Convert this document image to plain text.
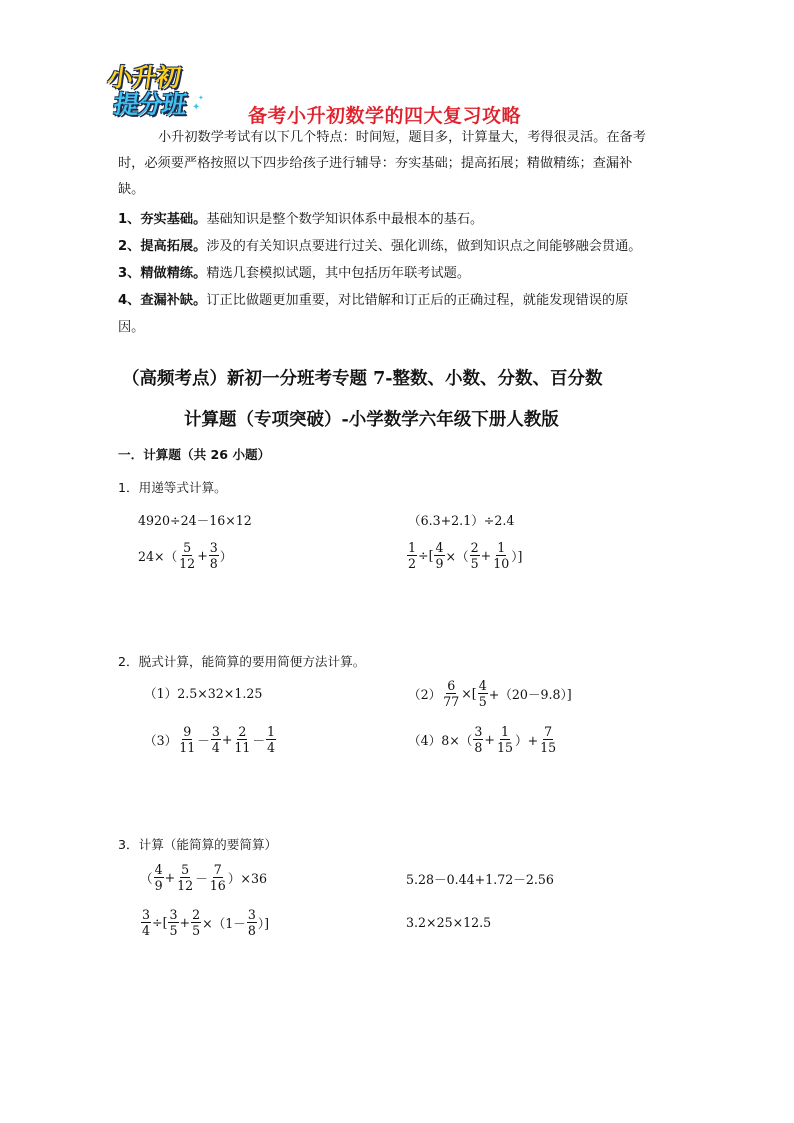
小升初
提分班 ✦
✦
备考小升初数学的四大复习攻略
小升初数学考试有以下几个特点：时间短，题目多，计算量大，考得很灵活。在备考
时，必须要严格按照以下四步给孩子进行辅导：夯实基础；提高拓展；精做精练；查漏补
缺。
1、夯实基础。基础知识是整个数学知识体系中最根本的基石。
2、提高拓展。涉及的有关知识点要进行过关、强化训练，做到知识点之间能够融会贯通。
3、精做精练。精选几套模拟试题，其中包括历年联考试题。
4、查漏补缺。订正比做题更加重要，对比错解和订正后的正确过程，就能发现错误的原
因。
（高频考点）新初一分班考专题 7-整数、小数、分数、百分数
计算题（专项突破）-小学数学六年级下册人教版
一．计算题（共 26 小题）
1．用递等式计算。
4920÷24－16×12	（6.3+2.1）÷2.4
$24\times( \frac{5}{12} + \frac{3}{8}$ ）	$\frac{1}{2}$ ÷[ $\frac{4}{9}$ ×（ $\frac{2}{5} + \frac{1}{10}$ ）]
2．脱式计算，能简算的要用简便方法计算。
（1）2.5×32×1.25	$(2) \frac{6}{77}$ ×[ $\frac{4}{5} +(20-9.8)$]
$(3) \frac{9}{11} - \frac{3}{4} + \frac{2}{11} - \frac{1}{4}$	$(4)8\times( \frac{3}{8} + \frac{1}{15}$ ）+ $\frac{7}{15}$
3．计算（能简算的要简算）
（ $\frac{4}{9} + \frac{5}{12} - \frac{7}{16} )\times 36$	5.28－0.44+1.72－2.56
$\frac{3}{4}$ ÷[ $\frac{3}{5} + \frac{2}{5} \times(1- \frac{3}{8}$ ）]	3.2×25×12.5
